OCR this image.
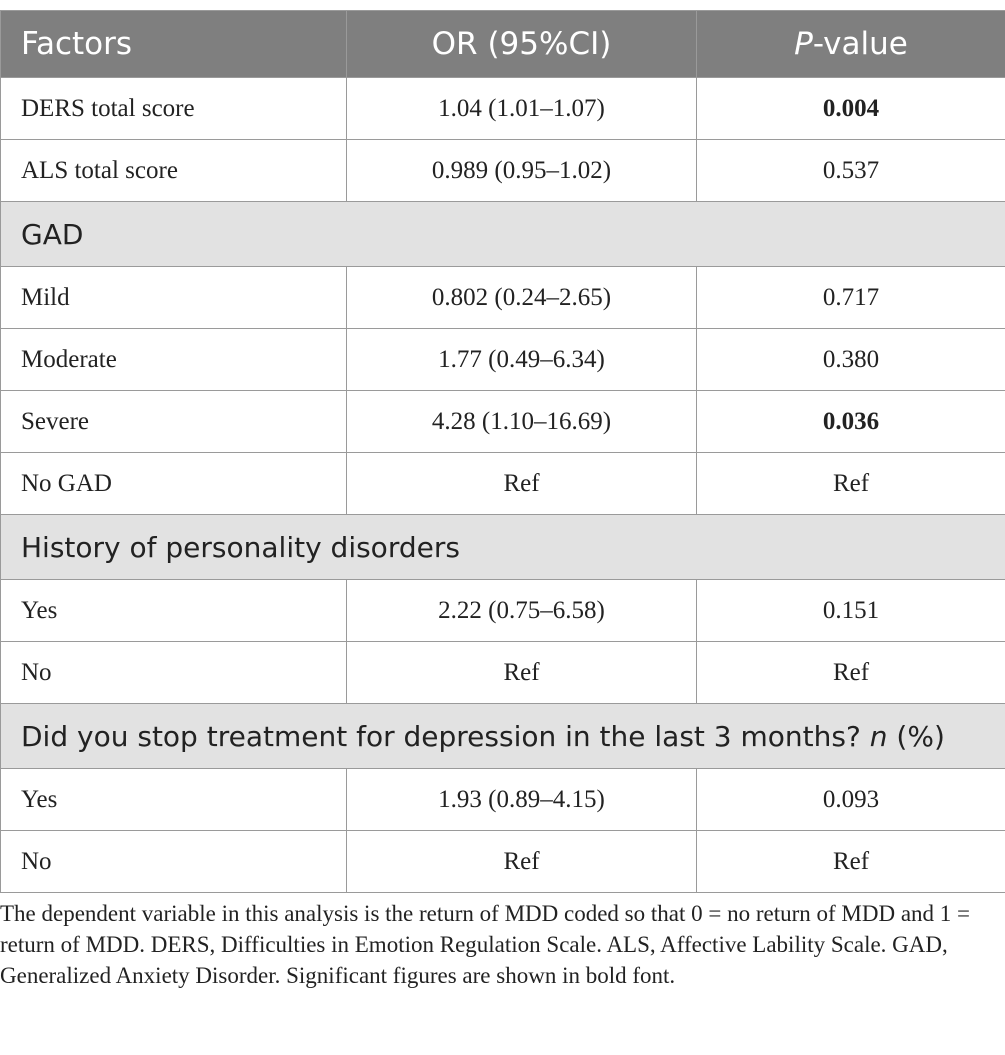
Factors	OR (95%CI)	P-value
DERS total score	1.04 (1.01–1.07)	0.004
ALS total score	0.989 (0.95–1.02)	0.537
GAD		
Mild	0.802 (0.24–2.65)	0.717
Moderate	1.77 (0.49–6.34)	0.380
Severe	4.28 (1.10–16.69)	0.036
No GAD	Ref	Ref
History of personality disorders		
Yes	2.22 (0.75–6.58)	0.151
No	Ref	Ref
Did you stop treatment for depression in the last 3 months? n (%)		
Yes	1.93 (0.89–4.15)	0.093
No	Ref	Ref
The dependent variable in this analysis is the return of MDD coded so that 0 = no return of MDD and 1 = return of MDD. DERS, Difficulties in Emotion Regulation Scale. ALS, Affective Lability Scale. GAD, Generalized Anxiety Disorder. Significant figures are shown in bold font.
